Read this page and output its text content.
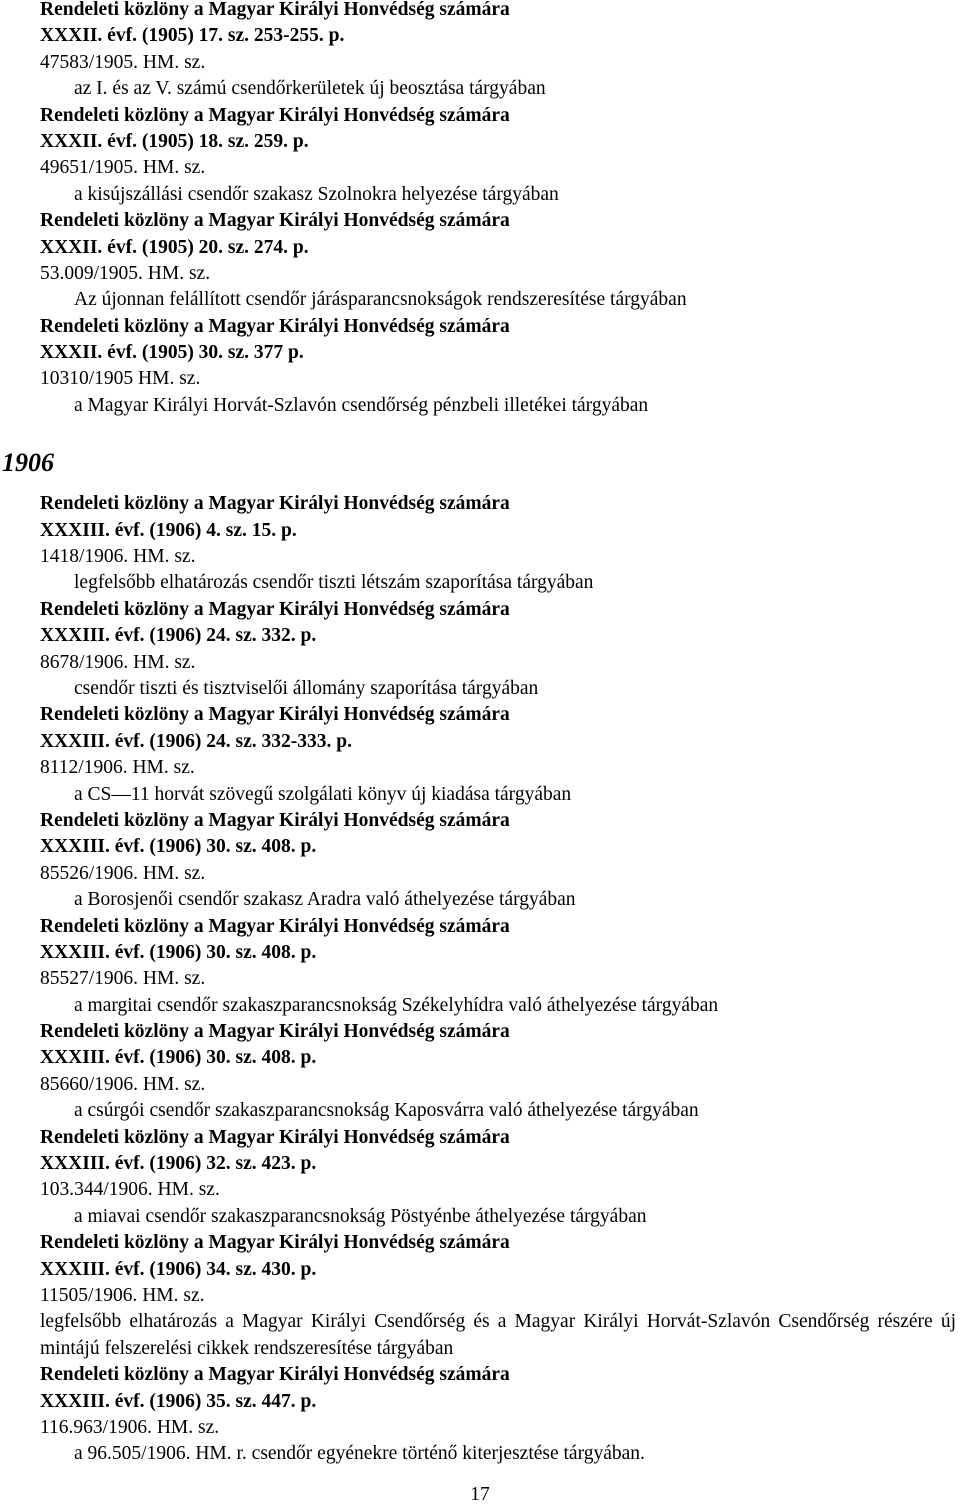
Rendeleti közlöny a Magyar Királyi Honvédség számára
XXXII. évf. (1905) 17. sz. 253-255. p.
47583/1905. HM. sz.
az I. és az V. számú csendőrkerületek új beosztása tárgyában
Rendeleti közlöny a Magyar Királyi Honvédség számára
XXXII. évf. (1905) 18. sz. 259. p.
49651/1905. HM. sz.
a kisújszállási csendőr szakasz Szolnokra helyezése tárgyában
Rendeleti közlöny a Magyar Királyi Honvédség számára
XXXII. évf. (1905) 20. sz. 274. p.
53.009/1905. HM. sz.
Az újonnan felállított csendőr járásparancsnokságok rendszeresítése tárgyában
Rendeleti közlöny a Magyar Királyi Honvédség számára
XXXII. évf. (1905) 30. sz. 377 p.
10310/1905 HM. sz.
a Magyar Királyi Horvát-Szlavón csendőrség pénzbeli illetékei tárgyában
1906
Rendeleti közlöny a Magyar Királyi Honvédség számára
XXXIII. évf. (1906) 4. sz. 15. p.
1418/1906. HM. sz.
legfelsőbb elhatározás csendőr tiszti létszám szaporítása tárgyában
Rendeleti közlöny a Magyar Királyi Honvédség számára
XXXIII. évf. (1906) 24. sz. 332. p.
8678/1906. HM. sz.
csendőr tiszti és tisztviselői állomány szaporítása tárgyában
Rendeleti közlöny a Magyar Királyi Honvédség számára
XXXIII. évf. (1906) 24. sz. 332-333. p.
8112/1906. HM. sz.
a CS—11 horvát szövegű szolgálati könyv új kiadása tárgyában
Rendeleti közlöny a Magyar Királyi Honvédség számára
XXXIII. évf. (1906) 30. sz. 408. p.
85526/1906. HM. sz.
a Borosjenői csendőr szakasz Aradra való áthelyezése tárgyában
Rendeleti közlöny a Magyar Királyi Honvédség számára
XXXIII. évf. (1906) 30. sz. 408. p.
85527/1906. HM. sz.
a margitai csendőr szakaszparancsnokság Székelyhídra való áthelyezése tárgyában
Rendeleti közlöny a Magyar Királyi Honvédség számára
XXXIII. évf. (1906) 30. sz. 408. p.
85660/1906. HM. sz.
a csúrgói csendőr szakaszparancsnokság Kaposvárra való áthelyezése tárgyában
Rendeleti közlöny a Magyar Királyi Honvédség számára
XXXIII. évf. (1906) 32. sz. 423. p.
103.344/1906. HM. sz.
a miavai csendőr szakaszparancsnokság Pöstyénbe áthelyezése tárgyában
Rendeleti közlöny a Magyar Királyi Honvédség számára
XXXIII. évf. (1906) 34. sz. 430. p.
11505/1906. HM. sz.
legfelsőbb elhatározás a Magyar Királyi Csendőrség és a Magyar Királyi Horvát-Szlavón Csendőrség részére új mintájú felszerelési cikkek rendszeresítése tárgyában
Rendeleti közlöny a Magyar Királyi Honvédség számára
XXXIII. évf. (1906) 35. sz. 447. p.
116.963/1906. HM. sz.
a 96.505/1906. HM. r. csendőr egyénekre történő kiterjesztése tárgyában.
17
